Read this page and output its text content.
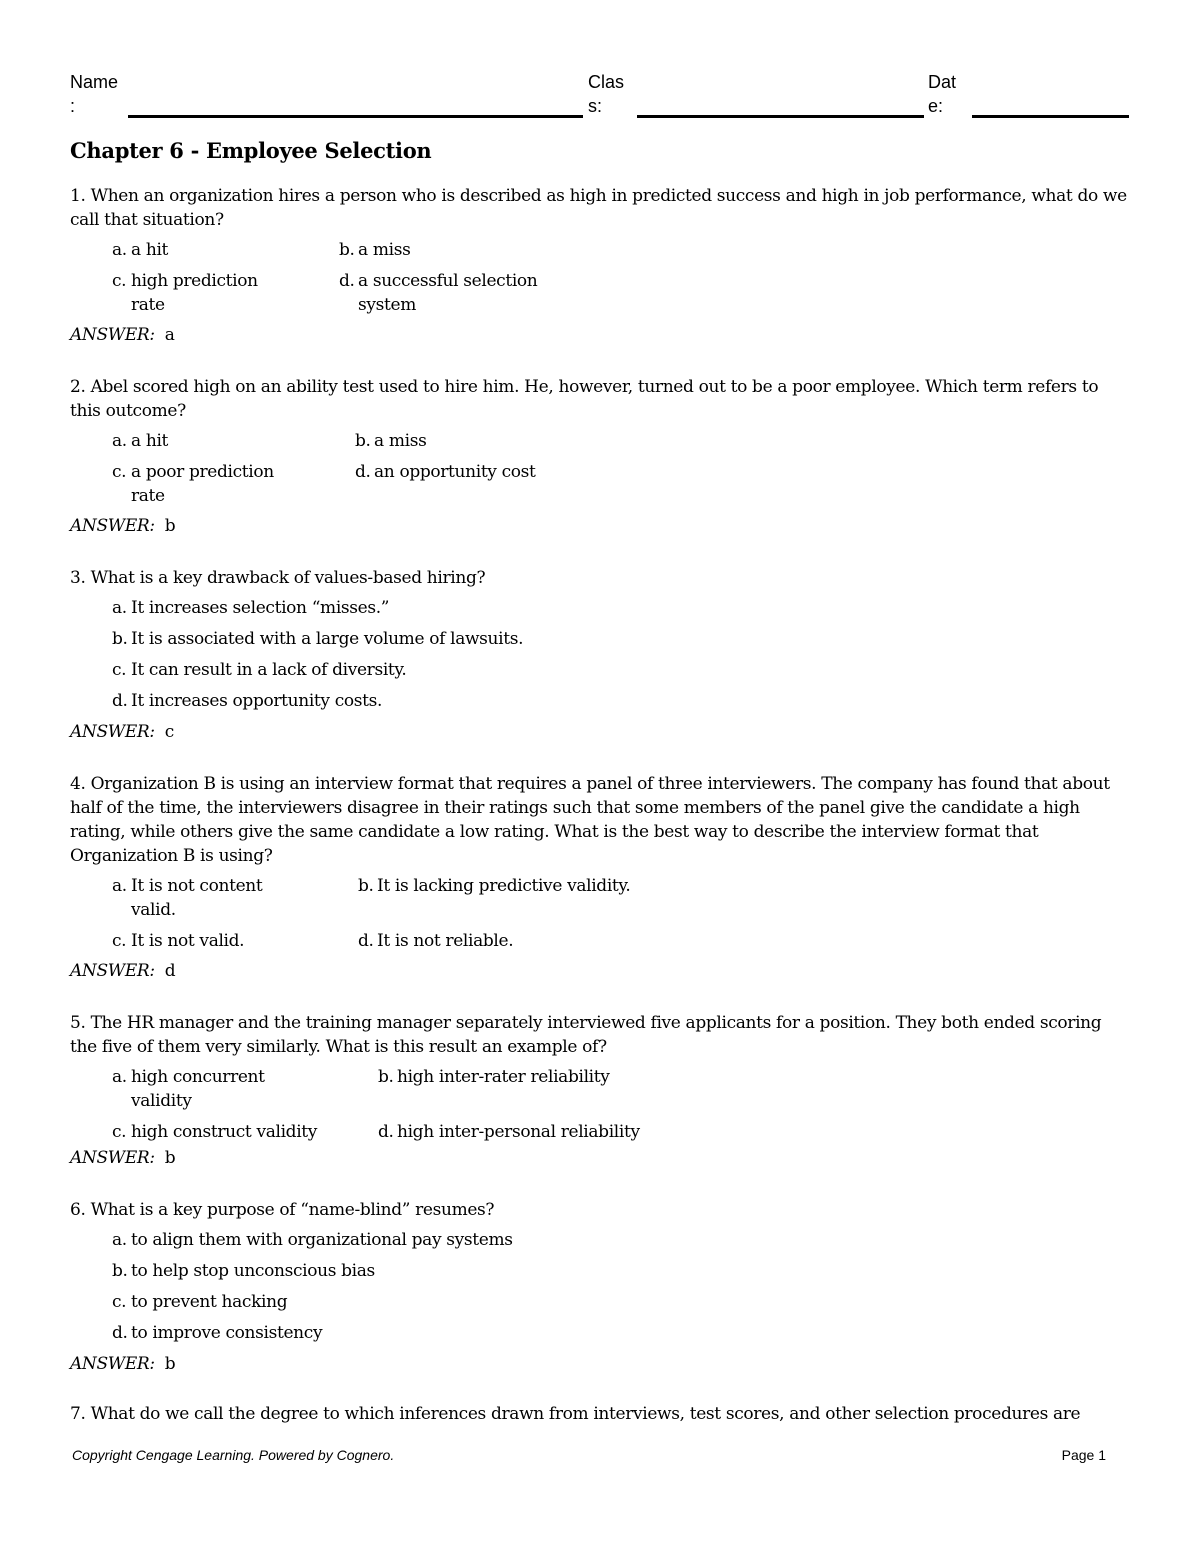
Name
:
Clas
s:
Dat
e:
Chapter 6 - Employee Selection

1. When an organization hires a person who is described as high in predicted success and high in job performance, what do we call that situation?

a. a hit	b. a miss
c. high prediction rate
d. a successful selection system
ANSWER: a

2. Abel scored high on an ability test used to hire him. He, however, turned out to be a poor employee. Which term refers to this outcome?

a. a hit	b. a miss
c. a poor prediction rate
d. an opportunity cost
ANSWER: b

3. What is a key drawback of values-based hiring?

a. It increases selection “misses.”
b. It is associated with a large volume of lawsuits.
c. It can result in a lack of diversity.
d. It increases opportunity costs.
ANSWER: c

4. Organization B is using an interview format that requires a panel of three interviewers. The company has found that about half of the time, the interviewers disagree in their ratings such that some members of the panel give the candidate a high rating, while others give the same candidate a low rating. What is the best way to describe the interview format that Organization B is using?

a. It is not content valid.
b. It is lacking predictive validity.
c. It is not valid.	d. It is not reliable.
ANSWER: d

5. The HR manager and the training manager separately interviewed five applicants for a position. They both ended scoring the five of them very similarly. What is this result an example of?

a. high concurrent validity
b. high inter-rater reliability
c. high construct validity	d. high inter-personal reliability
ANSWER: b

6. What is a key purpose of “name-blind” resumes?

a. to align them with organizational pay systems
b. to help stop unconscious bias
c. to prevent hacking
d. to improve consistency
ANSWER: b

7. What do we call the degree to which inferences drawn from interviews, test scores, and other selection procedures are

Copyright Cengage Learning. Powered by Cognero.	Page 1
